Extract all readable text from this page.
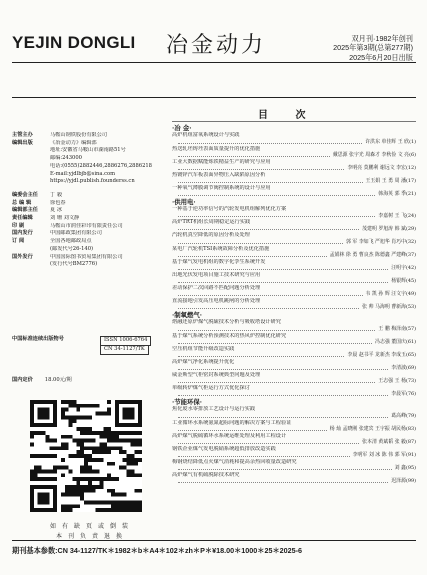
YEJIN DONGLI 冶金动力	双月刊·1982年创刊
2025年第3期(总第277期)
2025年6月20日出版
目 次
主管主办	马鞍山钢铁股份有限公司
编辑出版	《冶金动力》编辑部
地址:安徽省马鞍山市湖南路51号
邮编:243000
电话:(0555)2882446,2886276,2886218
E-mail:yjdlbjb@sina.com
https://yjdl.publish.founderss.cn
编委会主任	丁 毅
总 编 辑	徐也春
编辑部主任	夏 冰
责任编辑	刘 珊 刘文静
印 刷	马鞍山市润佳彩印有限责任公司
国内发行	中国邮政集团有限公司
订 阅	全国各地邮政局点
(邮发代号26-140)
国外发行	中国国际图书贸易集团有限公司
(发行代号BM2776)
中国标准连续出版物号	ISSN 1006-6764
CN 34-1127/TK
国内定价 18.00元/期
如有缺页或倒装
本刊负责退换
·冶 金·
高炉机组富氧系统设计与实践
许洪东 单佳辉 王 欣(1)
热送轧坯铸坯表面质量提升的优化措施
戴思源 张宇光 周森才 李秋俭 文 亮(6)
工业大数据赋能炼铁精益生产的研究与应用
李明亮 莫鹏利 谢远文 李宏(12)
热镀锌汽车板表面异物压入缺陷原因分析
王玉娟 王 勇 周 潘(17)
一种氧气薄膜调节阀控制系统的设计与应用
韩海英 郭 季(21)
·供用电·
一种基于逆功率信号的汽轮发电机组解列优化方案
李嘉树 王 飞(24)
高炉TRT机组长周期稳定运行实践
茂建明 罗旭涛 韩 斌(29)
汽轮机真空降低的原因分析及处理
郭 军 李如飞 严旭华 肖巧中(32)
某电厂汽轮机TSI系统故障分析及优化措施
孟娟林 徐 勇 曹良杰 陈德鑫 严建峰(37)
基于煤气发电机组的数字化孪生系统开发
汪明宇(42)
出地光伏发电项目施工技术研究与应用
杨银辉(45)
差动保护二次回路不匹配问题分析处理
韦 凯 孙 辉 汪文宇(49)
直流接地引发高压电机跳闸的分析处理
张 帅 马海明 曹新海(53)
·制氧燃气·
熔融还原炉煤气脱硫技术分析与吸收塔设计研究
王 鹏 梅泽南(57)
基于煤气系统分析预测技术的热风炉控制优化研究
冯志强 董国庆(61)
空压机组节能升级改造实践
李晨 赵书平 龙新杰 李成玉(65)
高炉煤气净化系统提升优化
李清波(69)
威金斯型气柜密封系统典型问题及处理
王志强 王 杨(73)
单级转炉煤气柜运行方式优化探讨
李晨军(76)
·节能环保·
焦化废水零排放工艺设计与运行实践
葛高峰(79)
工业循环水系统氨氮超标问题的解决方案与工程验证
杨 灿 孟晓刚 张建宾 王宇振 胡民杨(83)
高炉煤气脱硫循环水系统运维处理及利用工程设计
张本清 黄斌韬 张 毅(87)
钢铁企业煤气发电脱硝系统超低排放改造实践
李明军 刘 冰 陈 伟 郭 军(91)
梅钢烧结降低点火煤气消耗和提高余热回收量改造研究
刘 鑫(95)
高炉煤气有机硫脱除技术研究
迟泽源(99)
期刊基本参数:CN 34-1127/TK＊1982＊b＊A4＊102＊zh＊P＊¥18.00＊1000＊25＊2025-6
